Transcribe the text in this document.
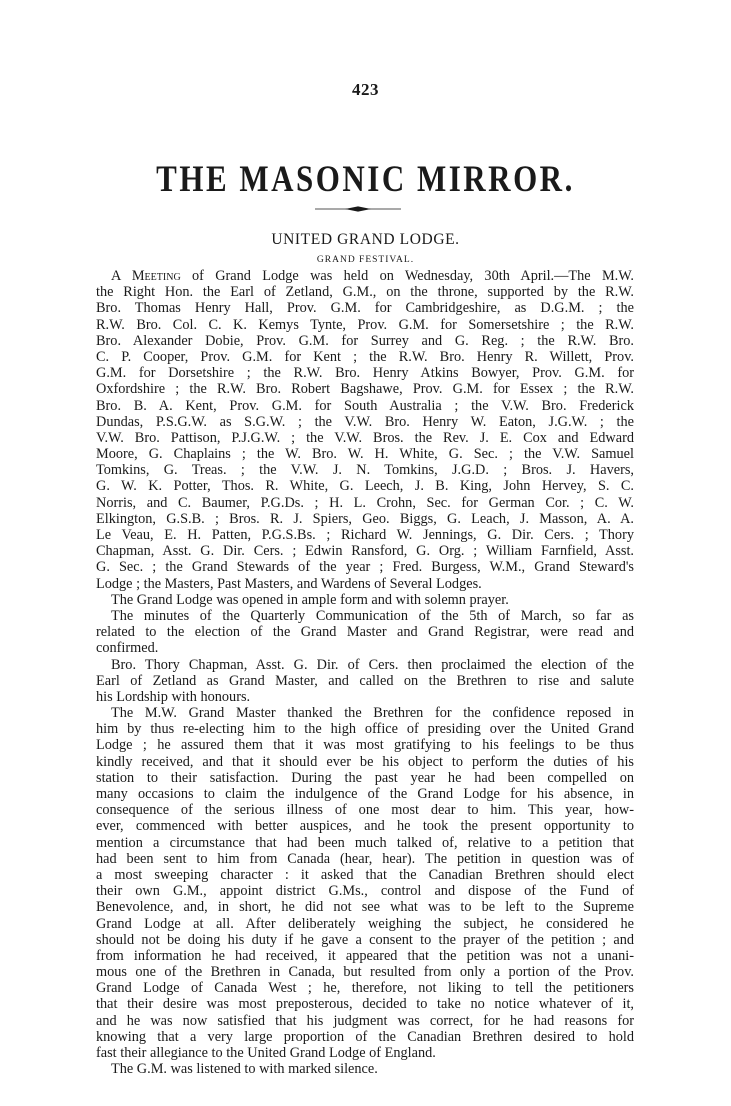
423
THE MASONIC MIRROR.
UNITED GRAND LODGE.
GRAND FESTIVAL.
A Meeting of Grand Lodge was held on Wednesday, 30th April.—The M.W.
the Right Hon. the Earl of Zetland, G.M., on the throne, supported by the R.W.
Bro. Thomas Henry Hall, Prov. G.M. for Cambridgeshire, as D.G.M. ; the
R.W. Bro. Col. C. K. Kemys Tynte, Prov. G.M. for Somersetshire ; the R.W.
Bro. Alexander Dobie, Prov. G.M. for Surrey and G. Reg. ; the R.W. Bro.
C. P. Cooper, Prov. G.M. for Kent ; the R.W. Bro. Henry R. Willett, Prov.
G.M. for Dorsetshire ; the R.W. Bro. Henry Atkins Bowyer, Prov. G.M. for
Oxfordshire ; the R.W. Bro. Robert Bagshawe, Prov. G.M. for Essex ; the R.W.
Bro. B. A. Kent, Prov. G.M. for South Australia ; the V.W. Bro. Frederick
Dundas, P.S.G.W. as S.G.W. ; the V.W. Bro. Henry W. Eaton, J.G.W. ; the
V.W. Bro. Pattison, P.J.G.W. ; the V.W. Bros. the Rev. J. E. Cox and Edward
Moore, G. Chaplains ; the W. Bro. W. H. White, G. Sec. ; the V.W. Samuel
Tomkins, G. Treas. ; the V.W. J. N. Tomkins, J.G.D. ; Bros. J. Havers,
G. W. K. Potter, Thos. R. White, G. Leech, J. B. King, John Hervey, S. C.
Norris, and C. Baumer, P.G.Ds. ; H. L. Crohn, Sec. for German Cor. ; C. W.
Elkington, G.S.B. ; Bros. R. J. Spiers, Geo. Biggs, G. Leach, J. Masson, A. A.
Le Veau, E. H. Patten, P.G.S.Bs. ; Richard W. Jennings, G. Dir. Cers. ; Thory
Chapman, Asst. G. Dir. Cers. ; Edwin Ransford, G. Org. ; William Farnfield, Asst.
G. Sec. ; the Grand Stewards of the year ; Fred. Burgess, W.M., Grand Steward's
Lodge ; the Masters, Past Masters, and Wardens of Several Lodges.
The Grand Lodge was opened in ample form and with solemn prayer.
The minutes of the Quarterly Communication of the 5th of March, so far as
related to the election of the Grand Master and Grand Registrar, were read and
confirmed.
Bro. Thory Chapman, Asst. G. Dir. of Cers. then proclaimed the election of the
Earl of Zetland as Grand Master, and called on the Brethren to rise and salute
his Lordship with honours.
The M.W. Grand Master thanked the Brethren for the confidence reposed in
him by thus re-electing him to the high office of presiding over the United Grand
Lodge ; he assured them that it was most gratifying to his feelings to be thus
kindly received, and that it should ever be his object to perform the duties of his
station to their satisfaction. During the past year he had been compelled on
many occasions to claim the indulgence of the Grand Lodge for his absence, in
consequence of the serious illness of one most dear to him. This year, how-
ever, commenced with better auspices, and he took the present opportunity to
mention a circumstance that had been much talked of, relative to a petition that
had been sent to him from Canada (hear, hear). The petition in question was of
a most sweeping character : it asked that the Canadian Brethren should elect
their own G.M., appoint district G.Ms., control and dispose of the Fund of
Benevolence, and, in short, he did not see what was to be left to the Supreme
Grand Lodge at all. After deliberately weighing the subject, he considered he
should not be doing his duty if he gave a consent to the prayer of the petition ; and
from information he had received, it appeared that the petition was not a unani-
mous one of the Brethren in Canada, but resulted from only a portion of the Prov.
Grand Lodge of Canada West ; he, therefore, not liking to tell the petitioners
that their desire was most preposterous, decided to take no notice whatever of it,
and he was now satisfied that his judgment was correct, for he had reasons for
knowing that a very large proportion of the Canadian Brethren desired to hold
fast their allegiance to the United Grand Lodge of England.
The G.M. was listened to with marked silence.
